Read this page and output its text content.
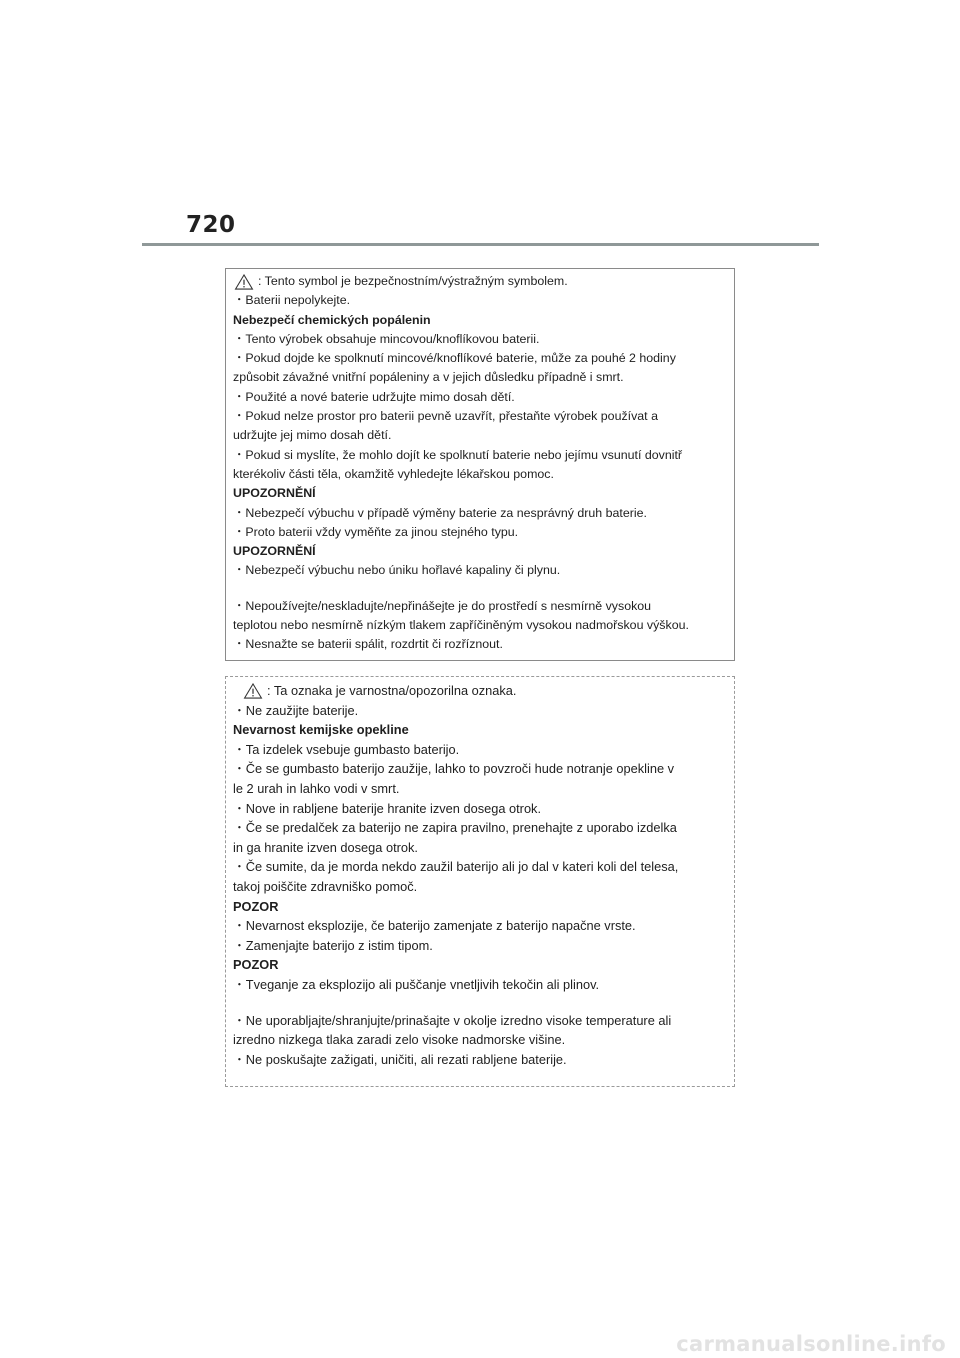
720
: Tento symbol je bezpečnostním/výstražným symbolem.
・Baterii nepolykejte.
Nebezpečí chemických popálenin
・Tento výrobek obsahuje mincovou/knoflíkovou baterii.
・Pokud dojde ke spolknutí mincové/knoflíkové baterie, může za pouhé 2 hodiny
způsobit závažné vnitřní popáleniny a v jejich důsledku případně i smrt.
・Použité a nové baterie udržujte mimo dosah dětí.
・Pokud nelze prostor pro baterii pevně uzavřít, přestaňte výrobek používat a
udržujte jej mimo dosah dětí.
・Pokud si myslíte, že mohlo dojít ke spolknutí baterie nebo jejímu vsunutí dovnitř
kterékoliv části těla, okamžitě vyhledejte lékařskou pomoc.
UPOZORNĚNÍ
・Nebezpečí výbuchu v případě výměny baterie za nesprávný druh baterie.
・Proto baterii vždy vyměňte za jinou stejného typu.
UPOZORNĚNÍ
・Nebezpečí výbuchu nebo úniku hořlavé kapaliny či plynu.
・Nepoužívejte/neskladujte/nepřinášejte je do prostředí s nesmírně vysokou
teplotou nebo nesmírně nízkým tlakem zapříčiněným vysokou nadmořskou výškou.
・Nesnažte se baterii spálit, rozdrtit či rozříznout.
: Ta oznaka je varnostna/opozorilna oznaka.
・Ne zaužijte baterije.
Nevarnost kemijske opekline
・Ta izdelek vsebuje gumbasto baterijo.
・Če se gumbasto baterijo zaužije, lahko to povzroči hude notranje opekline v
le 2 urah in lahko vodi v smrt.
・Nove in rabljene baterije hranite izven dosega otrok.
・Če se predalček za baterijo ne zapira pravilno, prenehajte z uporabo izdelka
in ga hranite izven dosega otrok.
・Če sumite, da je morda nekdo zaužil baterijo ali jo dal v kateri koli del telesa,
takoj poiščite zdravniško pomoč.
POZOR
・Nevarnost eksplozije, če baterijo zamenjate z baterijo napačne vrste.
・Zamenjajte baterijo z istim tipom.
POZOR
・Tveganje za eksplozijo ali puščanje vnetljivih tekočin ali plinov.
・Ne uporabljajte/shranjujte/prinašajte v okolje izredno visoke temperature ali
izredno nizkega tlaka zaradi zelo visoke nadmorske višine.
・Ne poskušajte zažigati, uničiti, ali rezati rabljene baterije.
carmanualsonline.info
